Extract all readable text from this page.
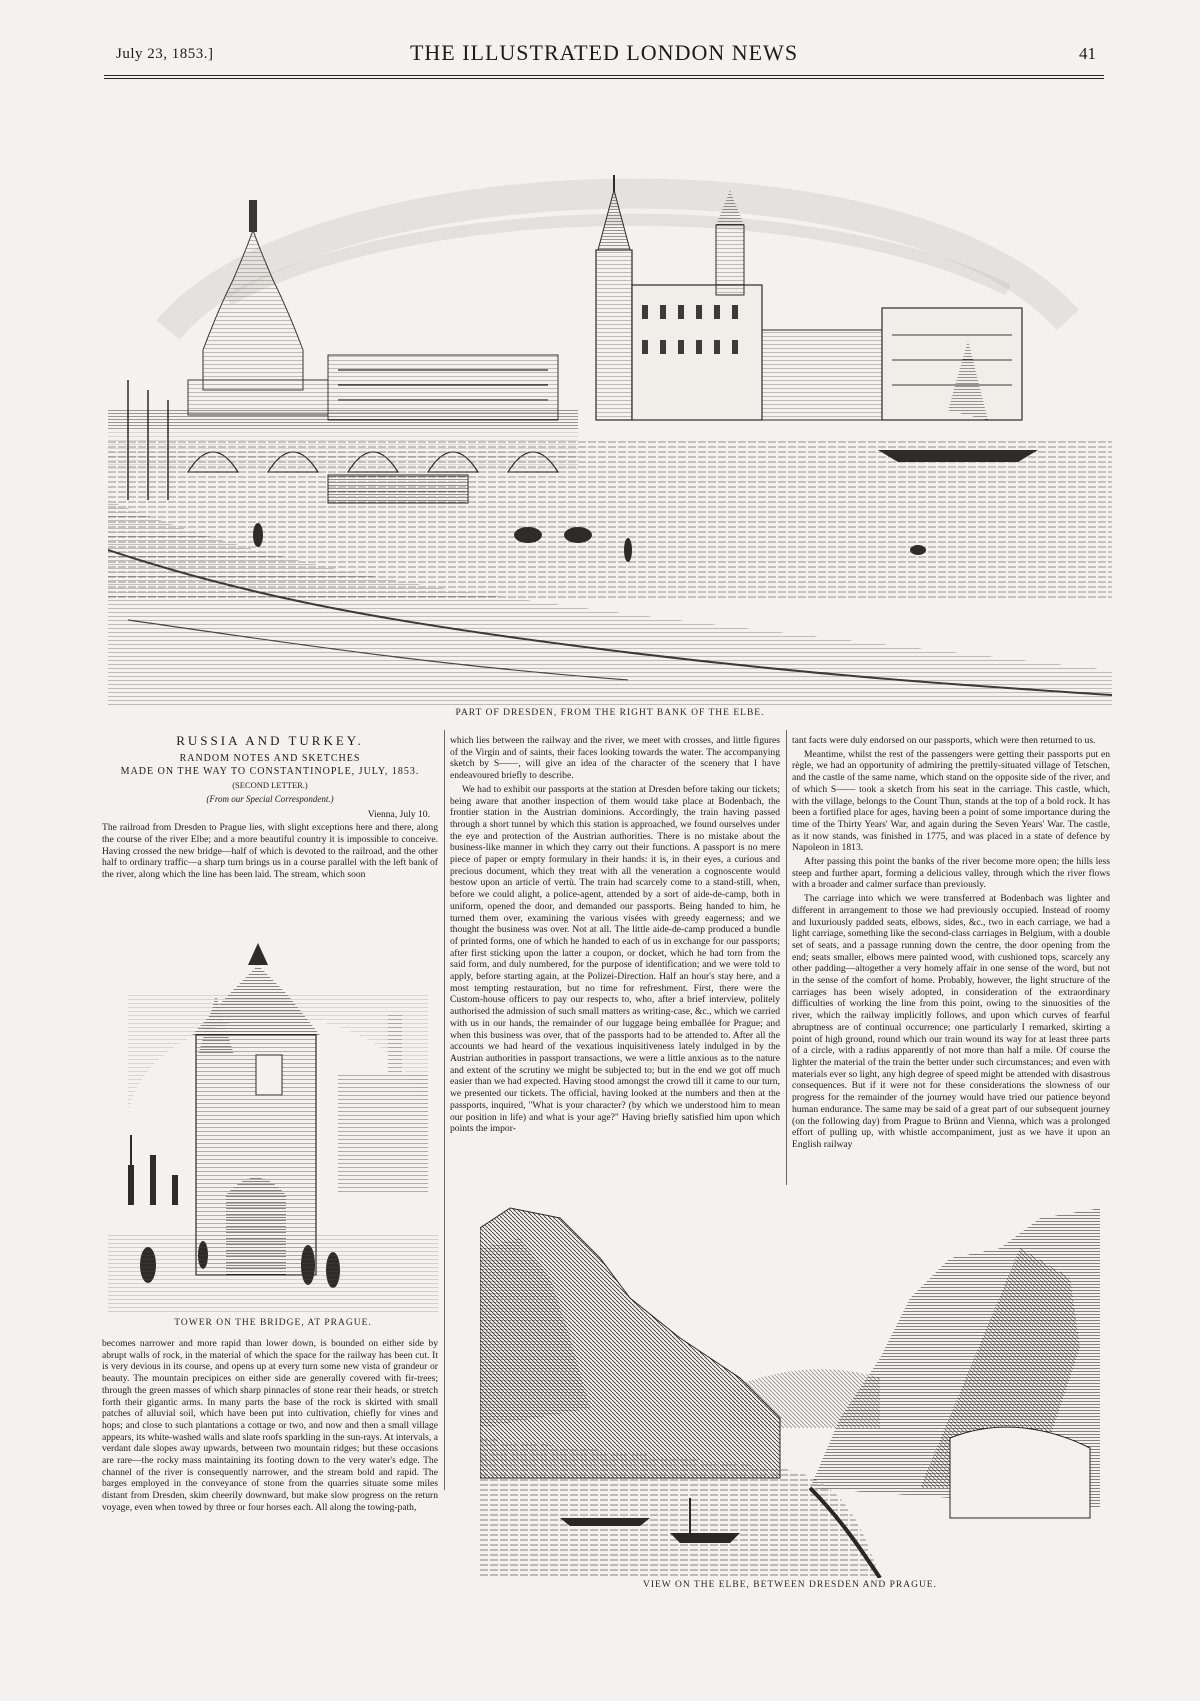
July 23, 1853.]	THE ILLUSTRATED LONDON NEWS	41
PART OF DRESDEN, FROM THE RIGHT BANK OF THE ELBE.
RUSSIA AND TURKEY.
RANDOM NOTES AND SKETCHES
MADE ON THE WAY TO CONSTANTINOPLE, JULY, 1853.
(SECOND LETTER.)
(From our Special Correspondent.)
Vienna, July 10.

The railroad from Dresden to Prague lies, with slight exceptions here and there, along the course of the river Elbe; and a more beautiful country it is impossible to conceive. Having crossed the new bridge—half of which is devoted to the railroad, and the other half to ordinary traffic—a sharp turn brings us in a course parallel with the left bank of the river, along which the line has been laid. The stream, which soon

TOWER ON THE BRIDGE, AT PRAGUE.

becomes narrower and more rapid than lower down, is bounded on either side by abrupt walls of rock, in the material of which the space for the railway has been cut. It is very devious in its course, and opens up at every turn some new vista of grandeur or beauty. The mountain precipices on either side are generally covered with fir-trees; through the green masses of which sharp pinnacles of stone rear their heads, or stretch forth their gigantic arms. In many parts the base of the rock is skirted with small patches of alluvial soil, which have been put into cultivation, chiefly for vines and hops; and close to such plantations a cottage or two, and now and then a small village appears, its white-washed walls and slate roofs sparkling in the sun-rays. At intervals, a verdant dale slopes away upwards, between two mountain ridges; but these occasions are rare—the rocky mass maintaining its footing down to the very water's edge. The channel of the river is consequently narrower, and the stream bold and rapid. The barges employed in the conveyance of stone from the quarries situate some miles distant from Dresden, skim cheerily downward, but make slow progress on the return voyage, even when towed by three or four horses each. All along the towing-path,

which lies between the railway and the river, we meet with crosses, and little figures of the Virgin and of saints, their faces looking towards the water. The accompanying sketch by S——, will give an idea of the character of the scenery that I have endeavoured briefly to describe.

We had to exhibit our passports at the station at Dresden before taking our tickets; being aware that another inspection of them would take place at Bodenbach, the frontier station in the Austrian dominions. Accordingly, the train having passed through a short tunnel by which this station is approached, we found ourselves under the eye and protection of the Austrian authorities. There is no mistake about the business-like manner in which they carry out their functions. A passport is no mere piece of paper or empty formulary in their hands: it is, in their eyes, a curious and precious document, which they treat with all the veneration a cognoscente would bestow upon an article of vertù. The train had scarcely come to a stand-still, when, before we could alight, a police-agent, attended by a sort of aide-de-camp, both in uniform, opened the door, and demanded our passports. Being handed to him, he turned them over, examining the various visées with greedy eagerness; and we thought the business was over. Not at all. The little aide-de-camp produced a bundle of printed forms, one of which he handed to each of us in exchange for our passports; after first sticking upon the latter a coupon, or docket, which he had torn from the said form, and duly numbered, for the purpose of identification; and we were told to apply, before starting again, at the Polizei-Direction. Half an hour's stay here, and a most tempting restauration, but no time for refreshment. First, there were the Custom-house officers to pay our respects to, who, after a brief interview, politely authorised the admission of such small matters as writing-case, &c., which we carried with us in our hands, the remainder of our luggage being emballée for Prague; and when this business was over, that of the passports had to be attended to. After all the accounts we had heard of the vexatious inquisitiveness lately indulged in by the Austrian authorities in passport transactions, we were a little anxious as to the nature and extent of the scrutiny we might be subjected to; but in the end we got off much easier than we had expected. Having stood amongst the crowd till it came to our turn, we presented our tickets. The official, having looked at the numbers and then at the passports, inquired, "What is your character? (by which we understood him to mean our position in life) and what is your age?" Having briefly satisfied him upon which points the impor-

tant facts were duly endorsed on our passports, which were then returned to us.

Meantime, whilst the rest of the passengers were getting their passports put en règle, we had an opportunity of admiring the prettily-situated village of Tetschen, and the castle of the same name, which stand on the opposite side of the river, and of which S—— took a sketch from his seat in the carriage. This castle, which, with the village, belongs to the Count Thun, stands at the top of a bold rock. It has been a fortified place for ages, having been a point of some importance during the time of the Thirty Years' War, and again during the Seven Years' War. The castle, as it now stands, was finished in 1775, and was placed in a state of defence by Napoleon in 1813.

After passing this point the banks of the river become more open; the hills less steep and further apart, forming a delicious valley, through which the river flows with a broader and calmer surface than previously.

The carriage into which we were transferred at Bodenbach was lighter and different in arrangement to those we had previously occupied. Instead of roomy and luxuriously padded seats, elbows, sides, &c., two in each carriage, we had a light carriage, something like the second-class carriages in Belgium, with a double set of seats, and a passage running down the centre, the door opening from the end; seats smaller, elbows mere painted wood, with cushioned tops, scarcely any other padding—altogether a very homely affair in one sense of the word, but not in the sense of the comfort of home. Probably, however, the light structure of the carriages has been wisely adopted, in consideration of the extraordinary difficulties of working the line from this point, owing to the sinuosities of the river, which the railway implicitly follows, and upon which curves of fearful abruptness are of continual occurrence; one particularly I remarked, skirting a point of high ground, round which our train wound its way for at least three parts of a circle, with a radius apparently of not more than half a mile. Of course the lighter the material of the train the better under such circumstances; and even with materials ever so light, any high degree of speed might be attended with disastrous consequences. But if it were not for these considerations the slowness of our progress for the remainder of the journey would have tried our patience beyond human endurance. The same may be said of a great part of our subsequent journey (on the following day) from Prague to Brünn and Vienna, which was a prolonged effort of pulling up, with whistle accompaniment, just as we have it upon an English railway

VIEW ON THE ELBE, BETWEEN DRESDEN AND PRAGUE.
